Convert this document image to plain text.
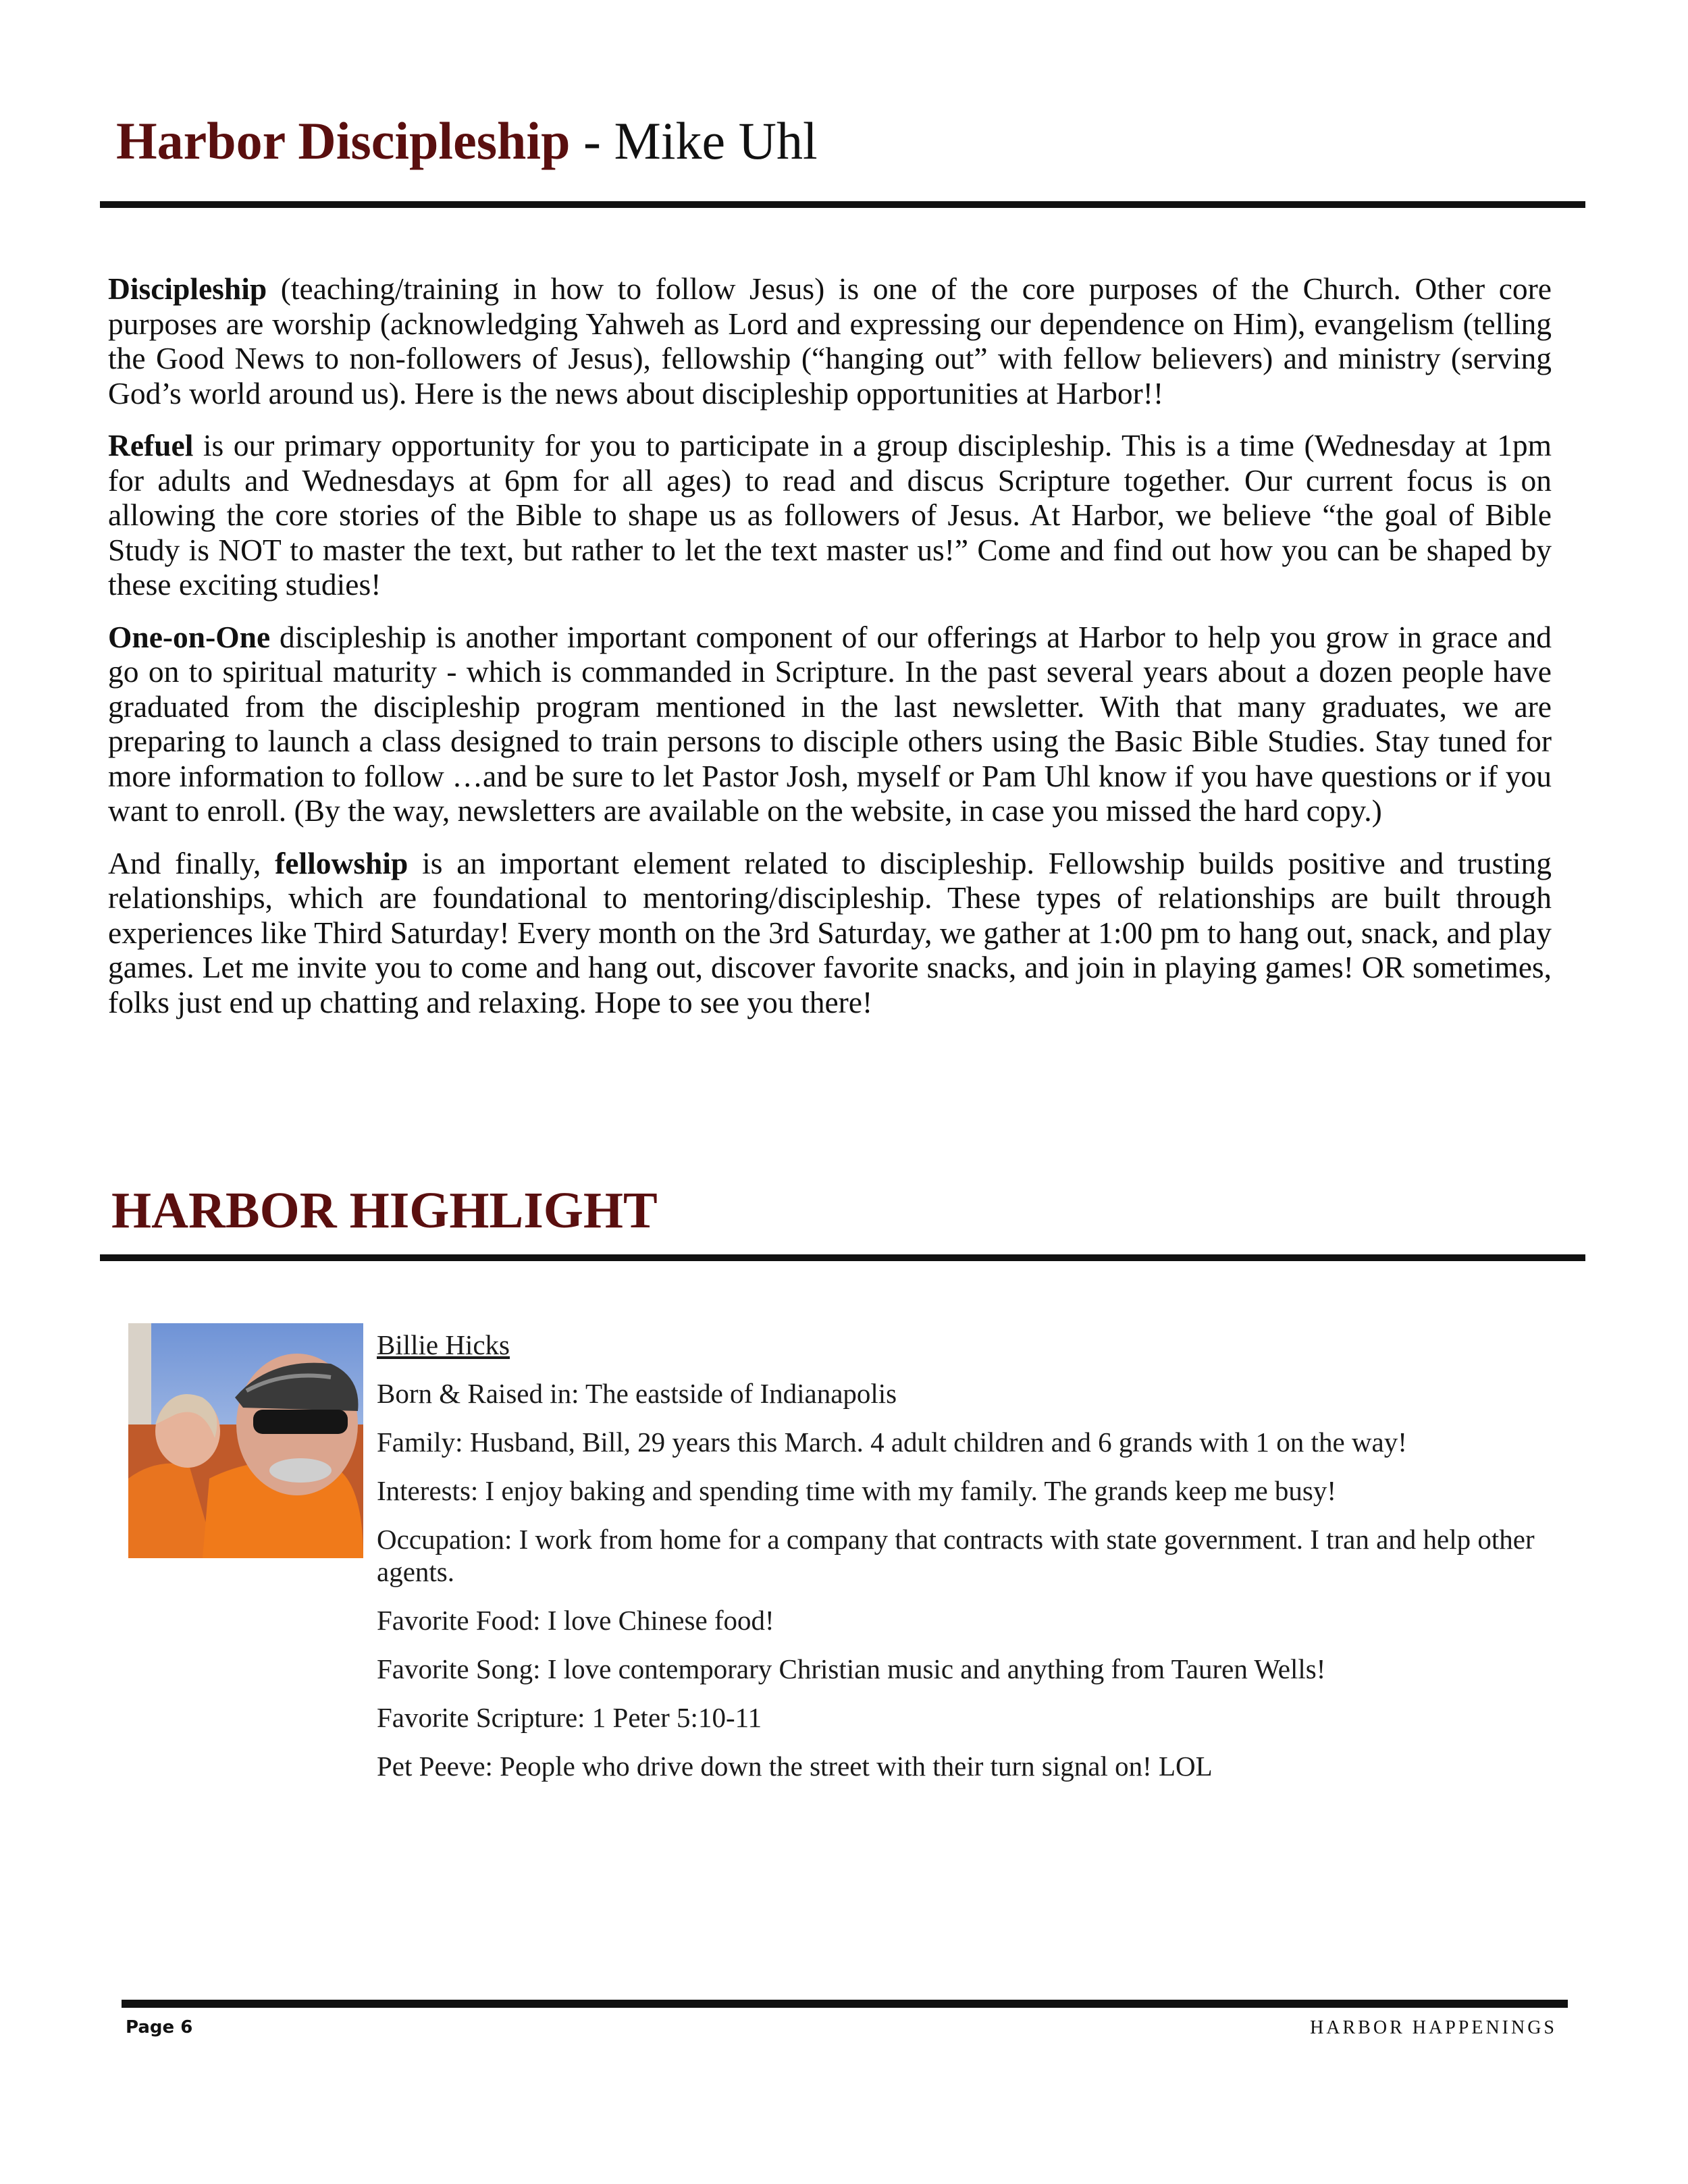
Harbor Discipleship - Mike Uhl

Discipleship (teaching/training in how to follow Jesus) is one of the core purposes of the Church. Other core purposes are worship (acknowledging Yahweh as Lord and expressing our dependence on Him), evangelism (telling the Good News to non-followers of Jesus), fellowship (“hanging out” with fellow believers) and ministry (serving God’s world around us). Here is the news about discipleship opportunities at Harbor!!

Refuel is our primary opportunity for you to participate in a group discipleship. This is a time (Wednesday at 1pm for adults and Wednesdays at 6pm for all ages) to read and discus Scripture together. Our current focus is on allowing the core stories of the Bible to shape us as followers of Jesus. At Harbor, we believe “the goal of Bible Study is NOT to master the text, but rather to let the text master us!” Come and find out how you can be shaped by these exciting studies!

One-on-One discipleship is another important component of our offerings at Harbor to help you grow in grace and go on to spiritual maturity - which is commanded in Scripture. In the past several years about a dozen people have graduated from the discipleship program mentioned in the last newsletter. With that many graduates, we are preparing to launch a class designed to train persons to disciple others using the Basic Bible Studies. Stay tuned for more information to follow …and be sure to let Pastor Josh, myself or Pam Uhl know if you have questions or if you want to enroll. (By the way, newsletters are available on the website, in case you missed the hard copy.)

And finally, fellowship is an important element related to discipleship. Fellowship builds positive and trusting relationships, which are foundational to mentoring/discipleship. These types of relationships are built through experiences like Third Saturday! Every month on the 3rd Saturday, we gather at 1:00 pm to hang out, snack, and play games. Let me invite you to come and hang out, discover favorite snacks, and join in playing games! OR sometimes, folks just end up chatting and relaxing. Hope to see you there!

HARBOR HIGHLIGHT
Billie Hicks
Born & Raised in: The eastside of Indianapolis
Family: Husband, Bill, 29 years this March. 4 adult children and 6 grands with 1 on the way!
Interests: I enjoy baking and spending time with my family. The grands keep me busy!
Occupation: I work from home for a company that contracts with state government. I tran and help other agents.
Favorite Food: I love Chinese food!
Favorite Song: I love contemporary Christian music and anything from Tauren Wells!
Favorite Scripture: 1 Peter 5:10-11
Pet Peeve: People who drive down the street with their turn signal on! LOL
Page 6	HARBOR HAPPENINGS
